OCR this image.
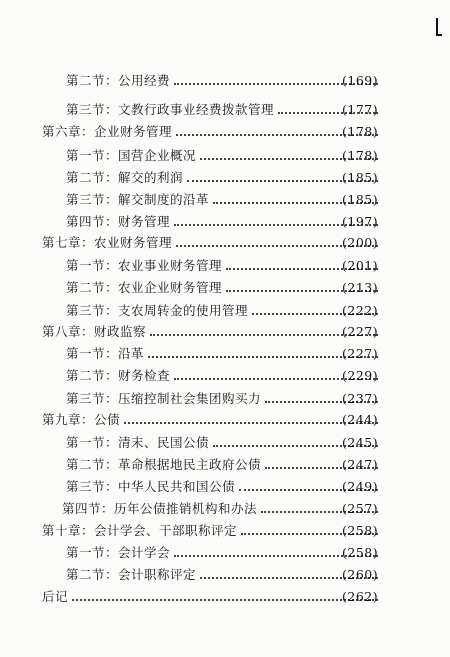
第二节：公用经费	(169)
第三节：文教行政事业经费拨款管理	(177)
第六章：企业财务管理	(178)
第一节：国营企业概况	(178)
第二节：解交的利润	(185)
第三节：解交制度的沿革	(185)
第四节：财务管理	(197)
第七章：农业财务管理	(200)
第一节：农业事业财务管理	(201)
第二节：农业企业财务管理	(213)
第三节：支农周转金的使用管理	(222)
第八章：财政监察	(227)
第一节：沿革	(227)
第二节：财务检查	(229)
第三节：压缩控制社会集团购买力	(237)
第九章：公债	(244)
第一节：清末、民国公债	(245)
第二节：革命根据地民主政府公债	(247)
第三节：中华人民共和国公债	(249)
第四节：历年公债推销机构和办法	(257)
第十章：会计学会、干部职称评定	(258)
第一节：会计学会	(258)
第二节：会计职称评定	(260)
后记	(262)
